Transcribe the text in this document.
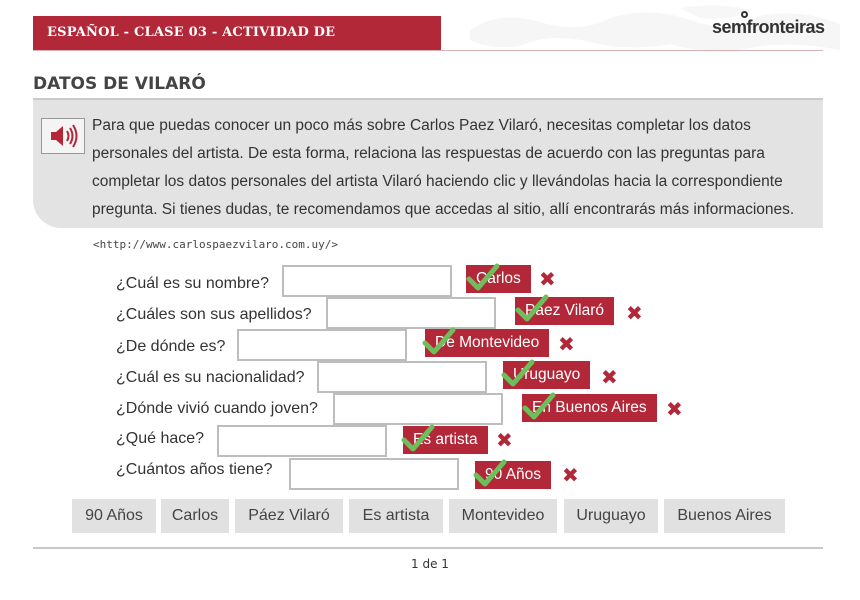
ESPAÑOL - CLASE 03 - ACTIVIDAD DE APRENDIZAJE
semfronteiras
DATOS DE VILARÓ
Para que puedas conocer un poco más sobre Carlos Paez Vilaró, necesitas completar los datos personales del artista. De esta forma, relaciona las respuestas de acuerdo con las preguntas para completar los datos personales del artista Vilaró haciendo clic y llevándolas hacia la correspondiente pregunta. Si tienes dudas, te recomendamos que accedas al sitio, allí encontrarás más informaciones.
<http://www.carlospaezvilaro.com.uy/>
¿Cuál es su nombre?	Carlos ✖
¿Cuáles son sus apellidos?	Páez Vilaró	✖
¿De dónde es?	De Montevideo ✖
¿Cuál es su nacionalidad?	Uruguayo	✖
¿Dónde vivió cuando joven?	En Buenos Aires ✖
¿Qué hace?	Es artista ✖
¿Cuántos años tiene?	90 Años	✖
90 Años	Carlos	Páez Vilaró	Es artista	Montevideo	Uruguayo	Buenos Aires
1 de 1
